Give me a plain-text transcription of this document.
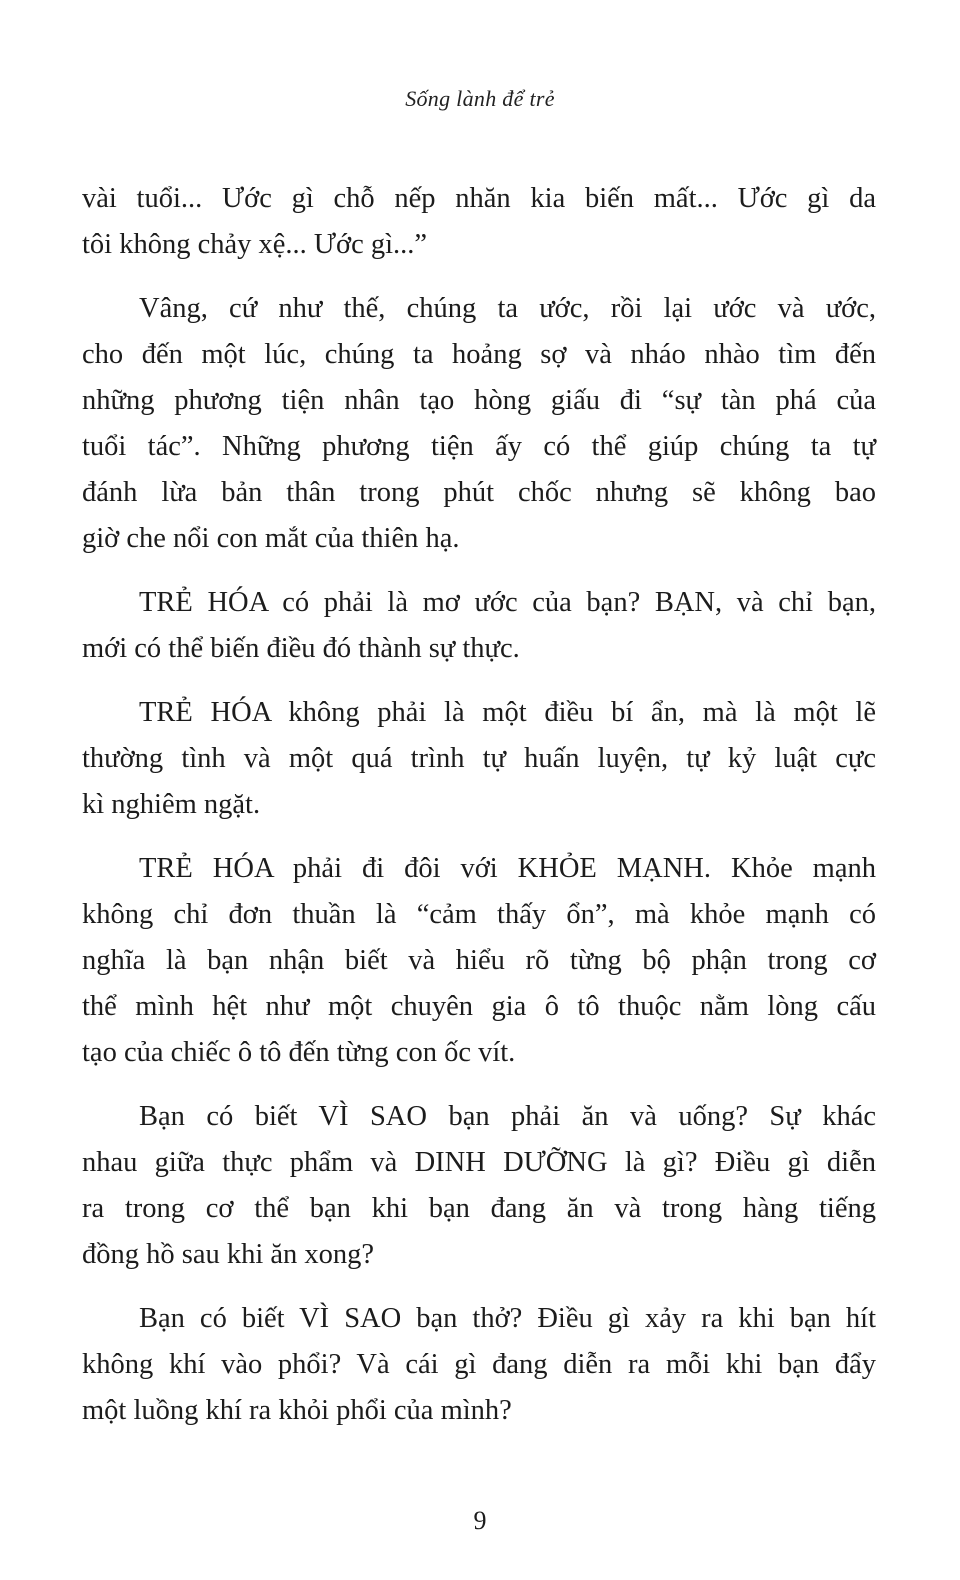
Sống lành để trẻ

vài tuổi... Ước gì chỗ nếp nhăn kia biến mất... Ước gì da
tôi không chảy xệ... Ước gì...”

Vâng, cứ như thế, chúng ta ước, rồi lại ước và ước,
cho đến một lúc, chúng ta hoảng sợ và nháo nhào tìm đến
những phương tiện nhân tạo hòng giấu đi “sự tàn phá của
tuổi tác”. Những phương tiện ấy có thể giúp chúng ta tự
đánh lừa bản thân trong phút chốc nhưng sẽ không bao
giờ che nổi con mắt của thiên hạ.

TRẺ HÓA có phải là mơ ước của bạn? BẠN, và chỉ bạn,
mới có thể biến điều đó thành sự thực.

TRẺ HÓA không phải là một điều bí ẩn, mà là một lẽ
thường tình và một quá trình tự huấn luyện, tự kỷ luật cực
kì nghiêm ngặt.

TRẺ HÓA phải đi đôi với KHỎE MẠNH. Khỏe mạnh
không chỉ đơn thuần là “cảm thấy ổn”, mà khỏe mạnh có
nghĩa là bạn nhận biết và hiểu rõ từng bộ phận trong cơ
thể mình hệt như một chuyên gia ô tô thuộc nằm lòng cấu
tạo của chiếc ô tô đến từng con ốc vít.

Bạn có biết VÌ SAO bạn phải ăn và uống? Sự khác
nhau giữa thực phẩm và DINH DƯỠNG là gì? Điều gì diễn
ra trong cơ thể bạn khi bạn đang ăn và trong hàng tiếng
đồng hồ sau khi ăn xong?

Bạn có biết VÌ SAO bạn thở? Điều gì xảy ra khi bạn hít
không khí vào phổi? Và cái gì đang diễn ra mỗi khi bạn đẩy
một luồng khí ra khỏi phổi của mình?

9
